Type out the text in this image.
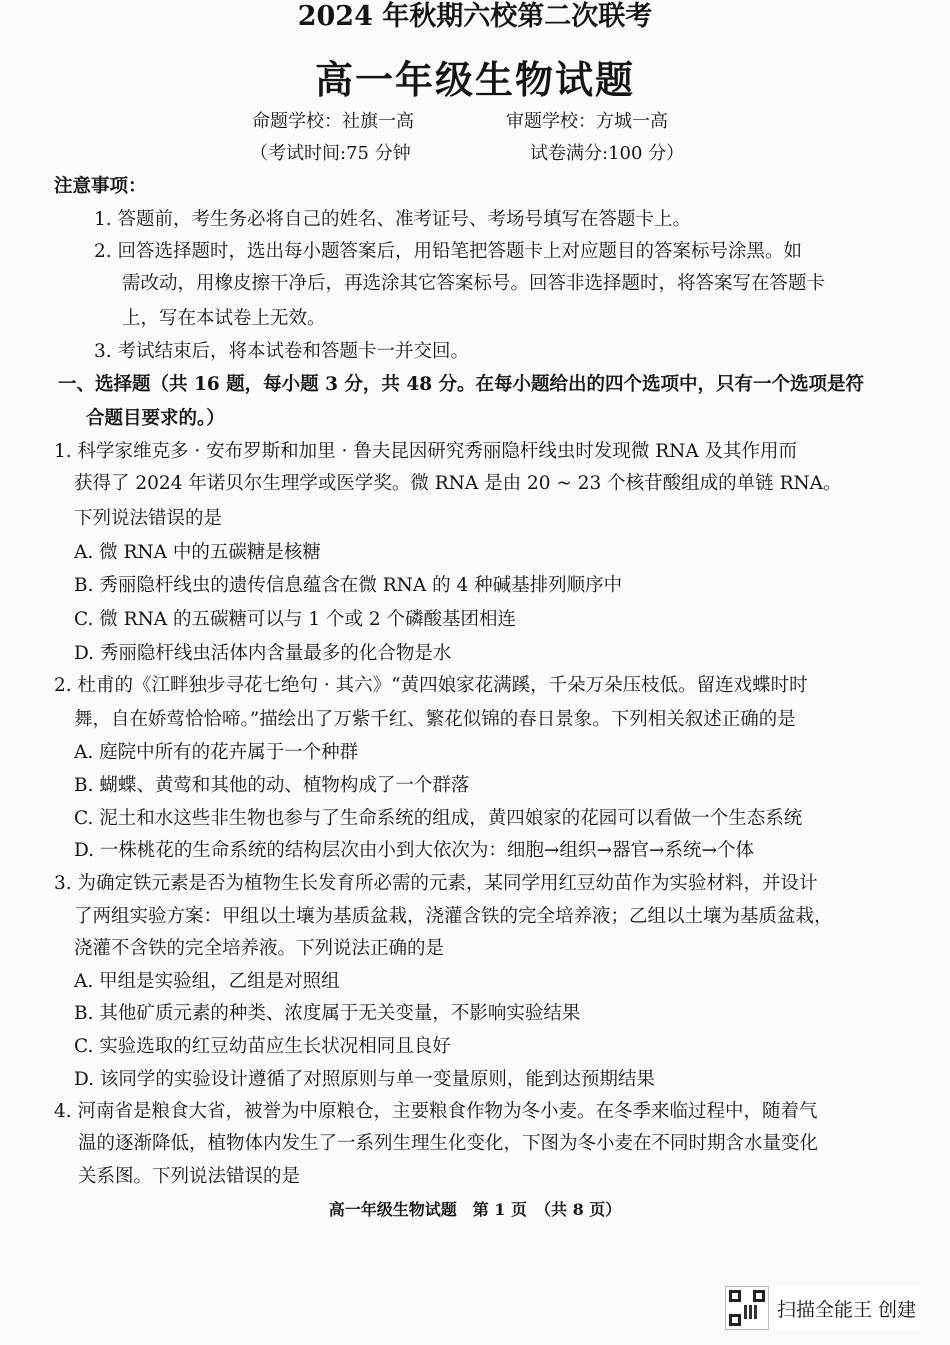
2024 年秋期六校第二次联考
高一年级生物试题
命题学校：社旗一高	审题学校：方城一高
（考试时间:75 分钟	试卷满分:100 分）
注意事项：
1. 答题前，考生务必将自己的姓名、准考证号、考场号填写在答题卡上。
2. 回答选择题时，选出每小题答案后，用铅笔把答题卡上对应题目的答案标号涂黑。如
需改动，用橡皮擦干净后，再选涂其它答案标号。回答非选择题时，将答案写在答题卡
上，写在本试卷上无效。
3. 考试结束后，将本试卷和答题卡一并交回。
一、选择题（共 16 题，每小题 3 分，共 48 分。在每小题给出的四个选项中，只有一个选项是符
合题目要求的。）
1. 科学家维克多 · 安布罗斯和加里 · 鲁夫昆因研究秀丽隐杆线虫时发现微 RNA 及其作用而
获得了 2024 年诺贝尔生理学或医学奖。微 RNA 是由 20 ~ 23 个核苷酸组成的单链 RNA。
下列说法错误的是
A. 微 RNA 中的五碳糖是核糖
B. 秀丽隐杆线虫的遗传信息蕴含在微 RNA 的 4 种碱基排列顺序中
C. 微 RNA 的五碳糖可以与 1 个或 2 个磷酸基团相连
D. 秀丽隐杆线虫活体内含量最多的化合物是水
2. 杜甫的《江畔独步寻花七绝句 · 其六》“黄四娘家花满蹊，千朵万朵压枝低。留连戏蝶时时
舞，自在娇莺恰恰啼。”描绘出了万紫千红、繁花似锦的春日景象。下列相关叙述正确的是
A. 庭院中所有的花卉属于一个种群
B. 蝴蝶、黄莺和其他的动、植物构成了一个群落
C. 泥土和水这些非生物也参与了生命系统的组成，黄四娘家的花园可以看做一个生态系统
D. 一株桃花的生命系统的结构层次由小到大依次为：细胞→组织→器官→系统→个体
3. 为确定铁元素是否为植物生长发育所必需的元素，某同学用红豆幼苗作为实验材料，并设计
了两组实验方案：甲组以土壤为基质盆栽，浇灌含铁的完全培养液；乙组以土壤为基质盆栽，
浇灌不含铁的完全培养液。下列说法正确的是
A. 甲组是实验组，乙组是对照组
B. 其他矿质元素的种类、浓度属于无关变量，不影响实验结果
C. 实验选取的红豆幼苗应生长状况相同且良好
D. 该同学的实验设计遵循了对照原则与单一变量原则，能到达预期结果
4. 河南省是粮食大省，被誉为中原粮仓，主要粮食作物为冬小麦。在冬季来临过程中，随着气
温的逐渐降低，植物体内发生了一系列生理生化变化，下图为冬小麦在不同时期含水量变化
关系图。下列说法错误的是
高一年级生物试题　第 1 页　（共 8 页）
扫描全能王 创建
